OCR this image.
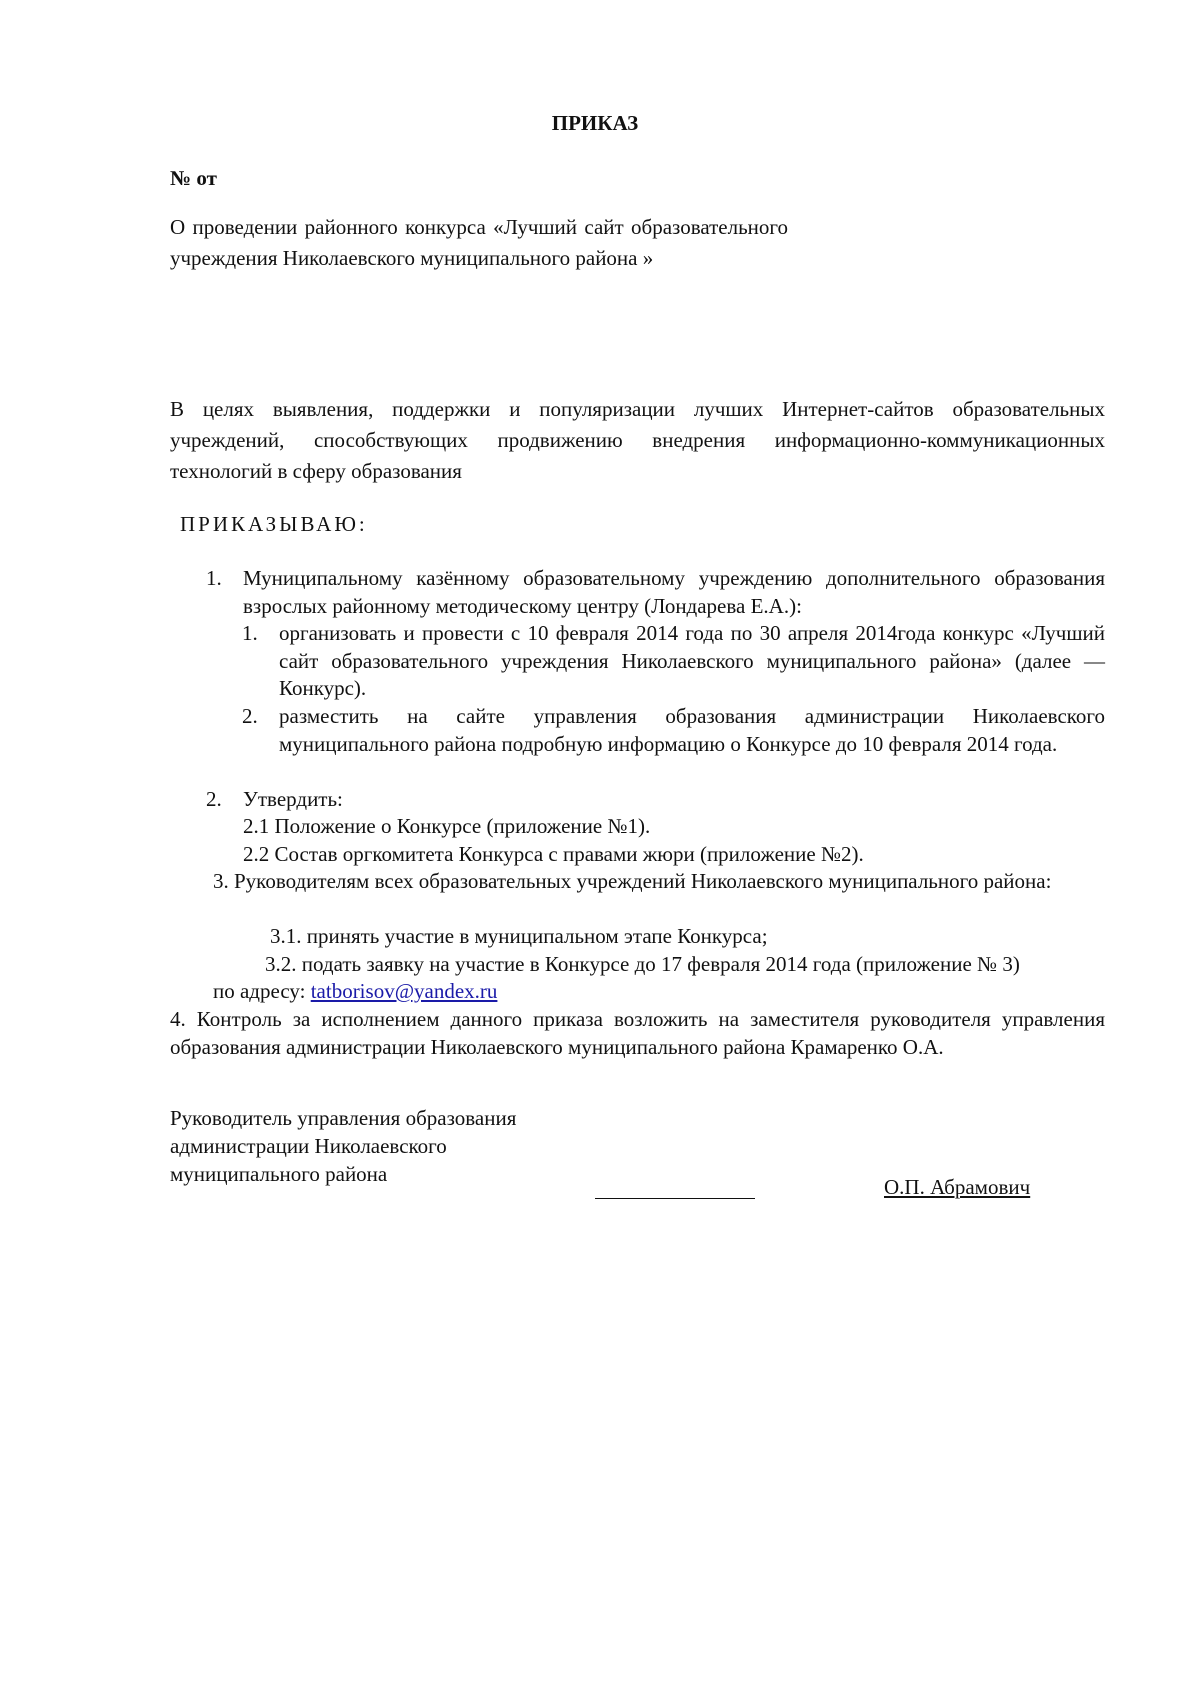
ПРИКАЗ
№ от
О проведении районного конкурса «Лучший сайт образовательного учреждения Николаевского муниципального района »
В целях выявления, поддержки и популяризации лучших Интернет-сайтов образовательных учреждений, способствующих продвижению внедрения информационно-коммуникационных технологий в сферу образования
ПРИКАЗЫВАЮ:
1. Муниципальному казённому образовательному учреждению дополнительного образования взрослых районному методическому центру (Лондарева Е.А.):
1. организовать и провести с 10 февраля 2014 года по 30 апреля 2014года конкурс «Лучший сайт образовательного учреждения Николаевского муниципального района» (далее — Конкурс).
2. разместить на сайте управления образования администрации Николаевского муниципального района подробную информацию о Конкурсе до 10 февраля 2014 года.
2. Утвердить:
2.1 Положение о Конкурсе (приложение №1).
2.2 Состав оргкомитета Конкурса с правами жюри (приложение №2).
3. Руководителям всех образовательных учреждений Николаевского муниципального района:
3.1. принять участие в муниципальном этапе Конкурса;
3.2. подать заявку на участие в Конкурсе до 17 февраля 2014 года (приложение № 3)
по адресу: tatborisov@yandex.ru
4. Контроль за исполнением данного приказа возложить на заместителя руководителя управления образования администрации Николаевского муниципального района Крамаренко О.А.
Руководитель управления образования
администрации Николаевского
муниципального района
О.П. Абрамович
